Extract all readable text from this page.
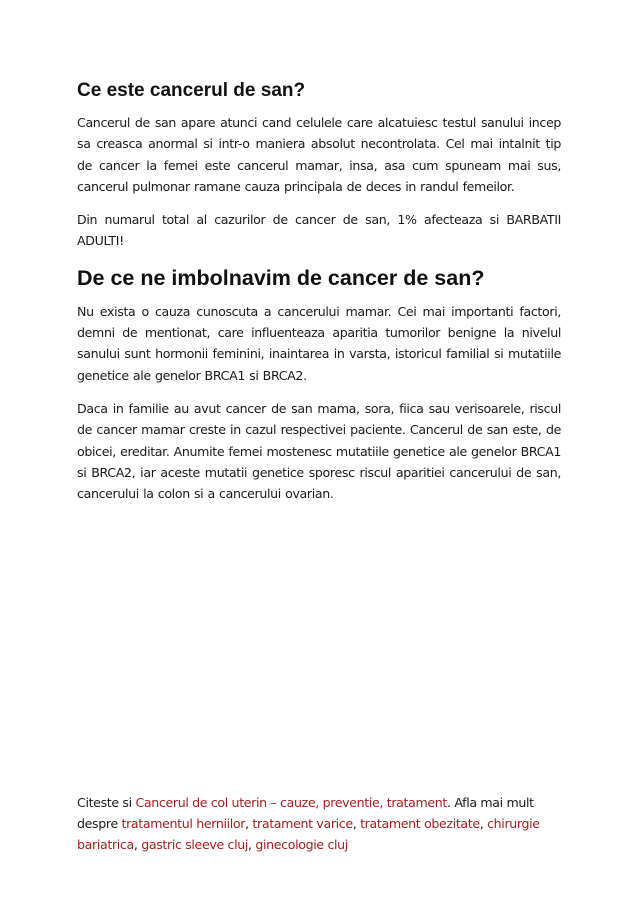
Ce este cancerul de san?

Cancerul de san apare atunci cand celulele care alcatuiesc testul sanului incep sa creasca anormal si intr-o maniera absolut necontrolata. Cel mai intalnit tip de cancer la femei este cancerul mamar, insa, asa cum spuneam mai sus, cancerul pulmonar ramane cauza principala de deces in randul femeilor.

Din numarul total al cazurilor de cancer de san, 1% afecteaza si BARBATII ADULTI!

De ce ne imbolnavim de cancer de san?

Nu exista o cauza cunoscuta a cancerului mamar. Cei mai importanti factori, demni de mentionat, care influenteaza aparitia tumorilor benigne la nivelul sanului sunt hormonii feminini, inaintarea in varsta, istoricul familial si mutatiile genetice ale genelor BRCA1 si BRCA2.

Daca in familie au avut cancer de san mama, sora, fiica sau verisoarele, riscul de cancer mamar creste in cazul respectivei paciente. Cancerul de san este, de obicei, ereditar. Anumite femei mostenesc mutatiile genetice ale genelor BRCA1 si BRCA2, iar aceste mutatii genetice sporesc riscul aparitiei cancerului de san, cancerului la colon si a cancerului ovarian.

Citeste si Cancerul de col uterin – cauze, preventie, tratament. Afla mai mult despre tratamentul herniilor, tratament varice, tratament obezitate, chirurgie bariatrica, gastric sleeve cluj, ginecologie cluj
